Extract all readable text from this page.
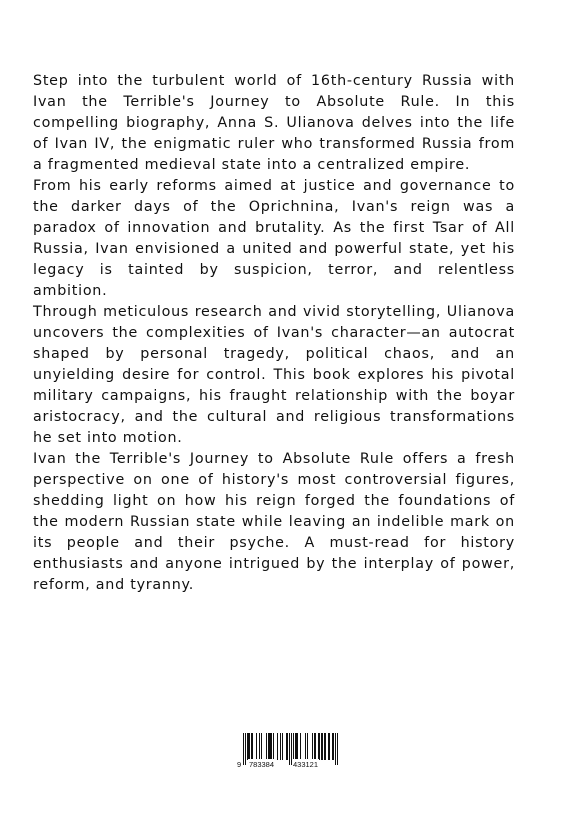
Step into the turbulent world of 16th-century Russia with Ivan the Terrible's Journey to Absolute Rule. In this compelling biography, Anna S. Ulianova delves into the life of Ivan IV, the enigmatic ruler who transformed Russia from a fragmented medieval state into a centralized empire.

From his early reforms aimed at justice and governance to the darker days of the Oprichnina, Ivan's reign was a paradox of innovation and brutality. As the first Tsar of All Russia, Ivan envisioned a united and powerful state, yet his legacy is tainted by suspicion, terror, and relentless ambition.

Through meticulous research and vivid storytelling, Ulianova uncovers the complexities of Ivan's character—an autocrat shaped by personal tragedy, political chaos, and an unyielding desire for control. This book explores his pivotal military campaigns, his fraught relationship with the boyar aristocracy, and the cultural and religious transformations he set into motion.

Ivan the Terrible's Journey to Absolute Rule offers a fresh perspective on one of history's most controversial figures, shedding light on how his reign forged the foundations of the modern Russian state while leaving an indelible mark on its people and their psyche. A must-read for history enthusiasts and anyone intrigued by the interplay of power, reform, and tyranny.

9 783384	433121
